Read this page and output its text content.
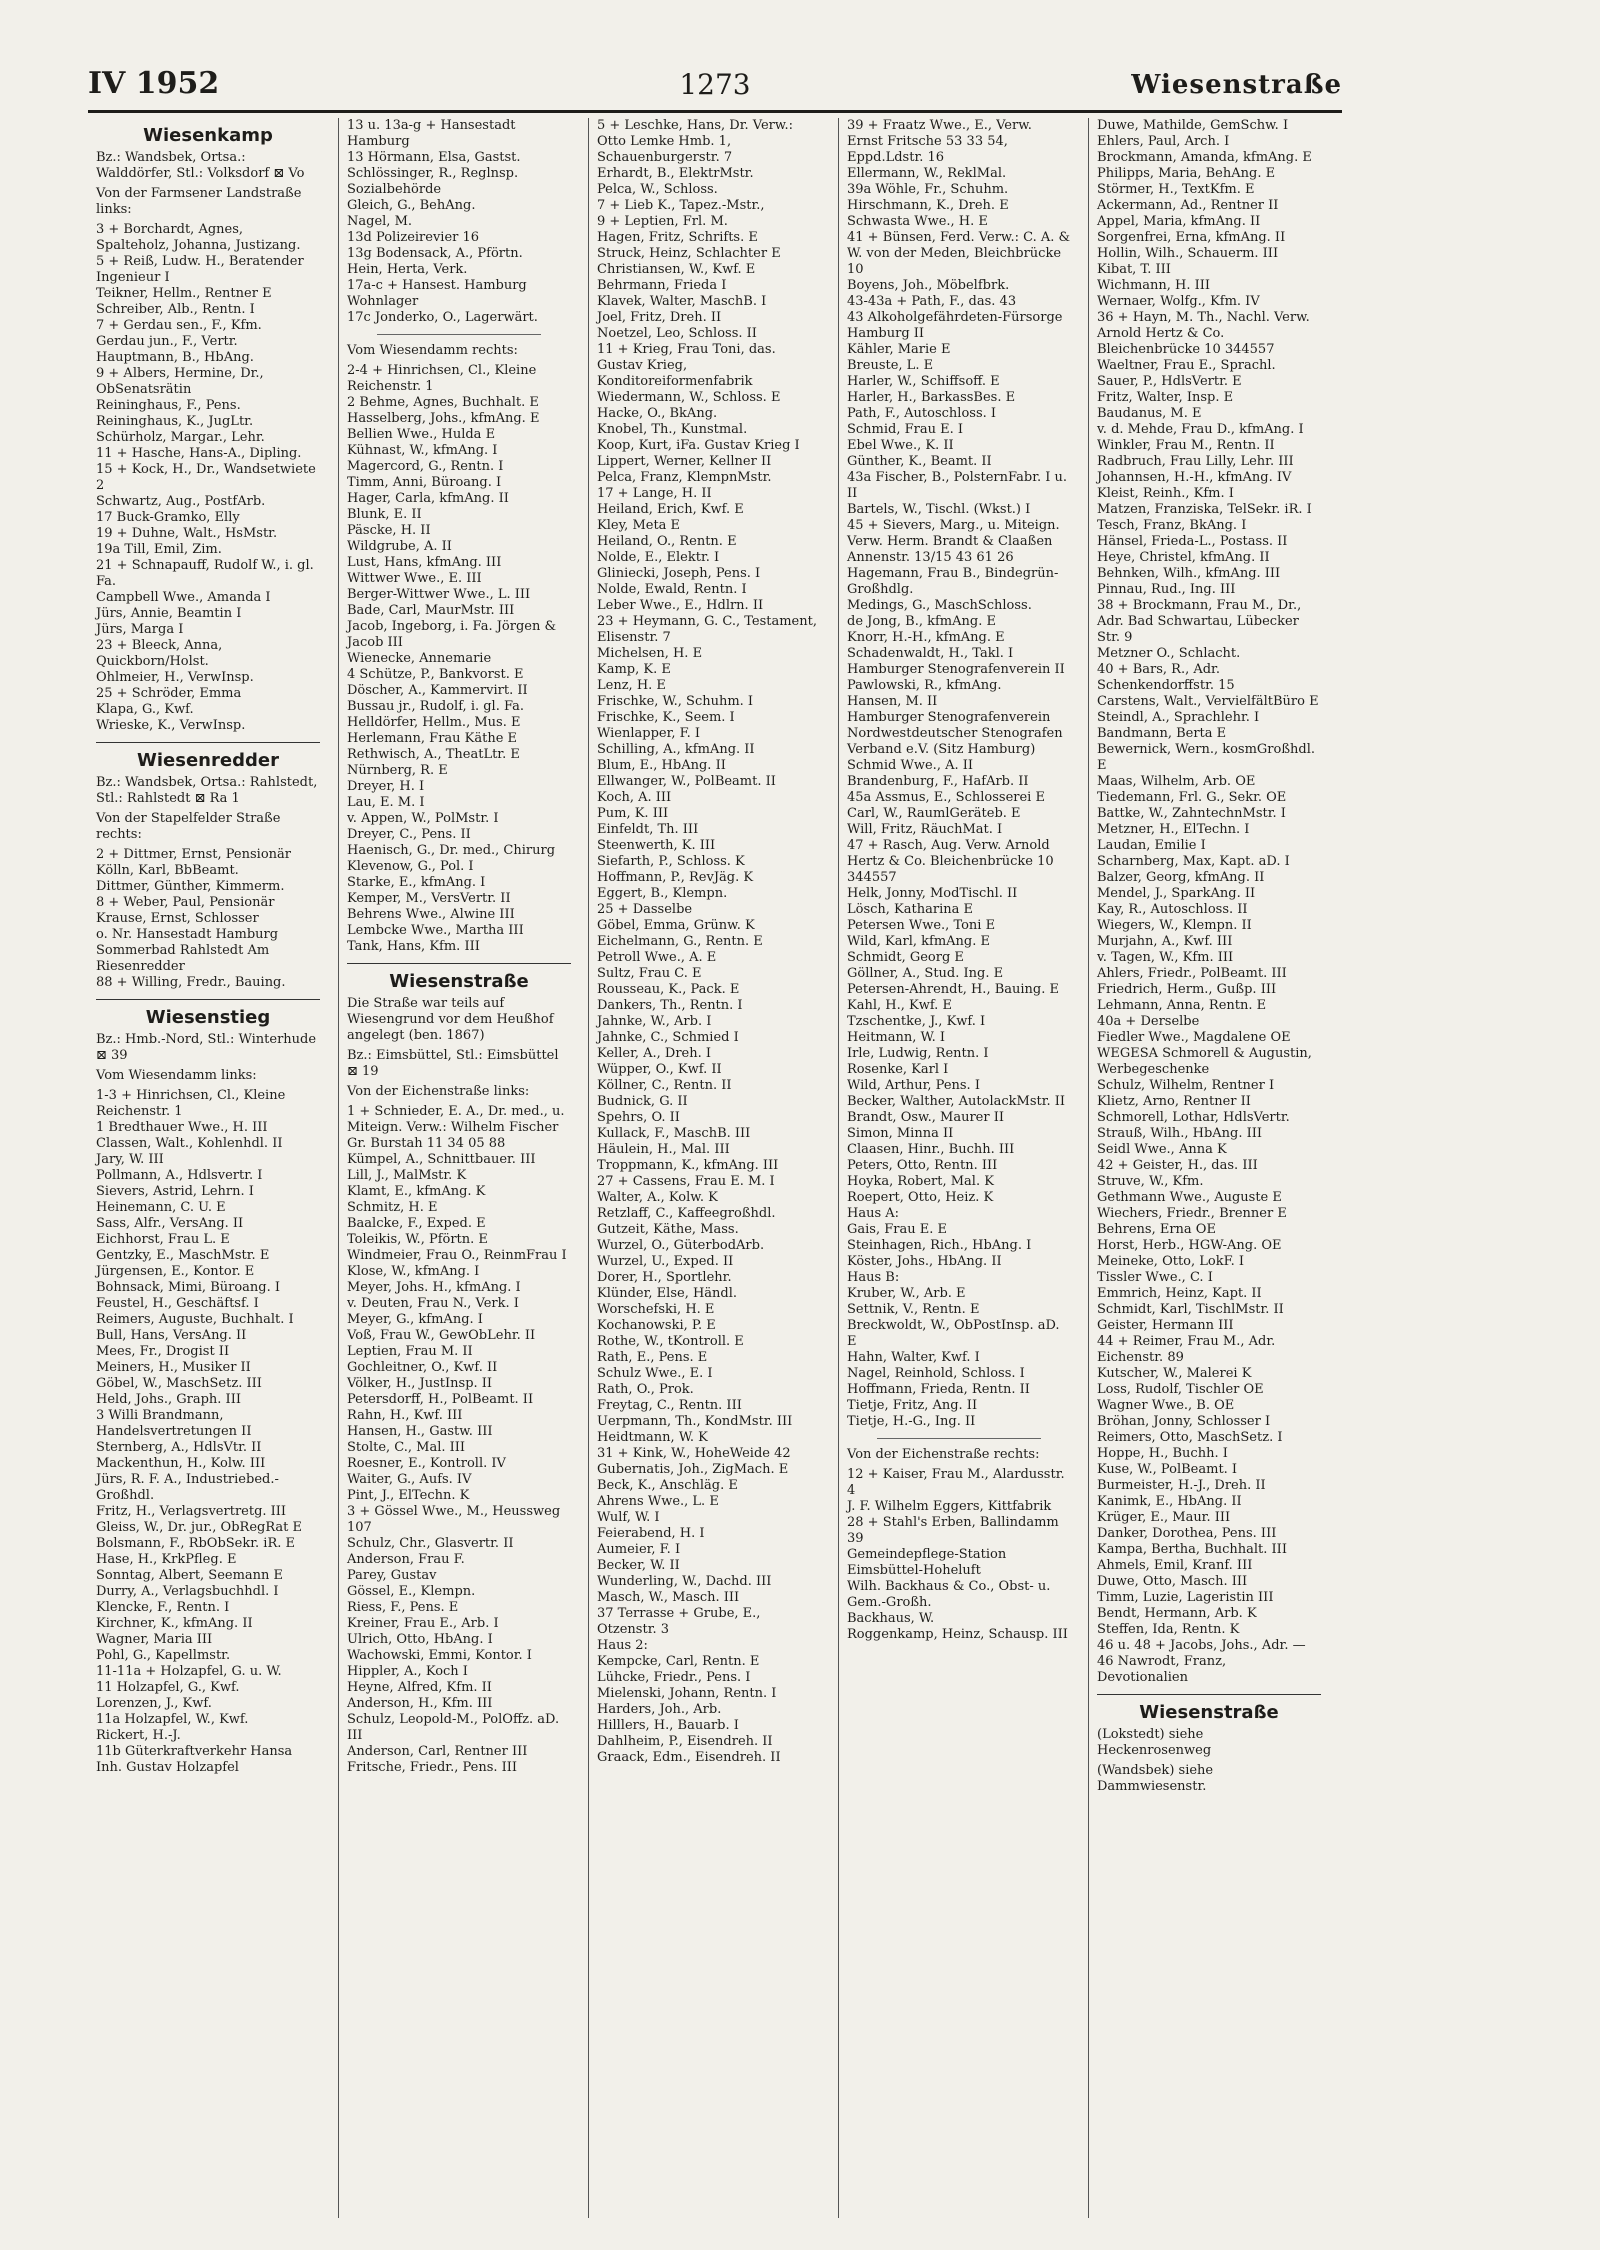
IV 1952	1273	Wiesenstraße
Wiesenkamp
Bz.: Wandsbek, Ortsa.: Walddörfer, Stl.: Volksdorf ⊠ Vo
Von der Farmsener Landstraße links:
3 + Borchardt, Agnes, Spalteholz, Johanna, Justizang.
5 + Reiß, Ludw. H., Beratender Ingenieur I
Teikner, Hellm., Rentner E
Schreiber, Alb., Rentn. I
7 + Gerdau sen., F., Kfm.
Gerdau jun., F., Vertr.
Hauptmann, B., HbAng.
9 + Albers, Hermine, Dr., ObSenatsrätin
Reininghaus, F., Pens.
Reininghaus, K., JugLtr.
Schürholz, Margar., Lehr.
11 + Hasche, Hans-A., Dipling.
15 + Kock, H., Dr., Wandsetwiete 2
Schwartz, Aug., PostfArb.
17 Buck-Gramko, Elly
19 + Duhne, Walt., HsMstr.
19a Till, Emil, Zim.
21 + Schnapauff, Rudolf W., i. gl. Fa.
Campbell Wwe., Amanda I
Jürs, Annie, Beamtin I
Jürs, Marga I
23 + Bleeck, Anna, Quickborn/Holst.
Ohlmeier, H., VerwInsp.
25 + Schröder, Emma
Klapa, G., Kwf.
Wrieske, K., VerwInsp.
Wiesenredder
Bz.: Wandsbek, Ortsa.: Rahlstedt, Stl.: Rahlstedt ⊠ Ra 1
Von der Stapelfelder Straße rechts:
2 + Dittmer, Ernst, Pensionär
Kölln, Karl, BbBeamt.
Dittmer, Günther, Kimmerm.
8 + Weber, Paul, Pensionär
Krause, Ernst, Schlosser
o. Nr. Hansestadt Hamburg Sommerbad Rahlstedt Am Riesenredder
88 + Willing, Fredr., Bauing.
Wiesenstieg
Bz.: Hmb.-Nord, Stl.: Winterhude ⊠ 39
Vom Wiesendamm links:
1-3 + Hinrichsen, Cl., Kleine Reichenstr. 1
1 Bredthauer Wwe., H. III
Classen, Walt., Kohlenhdl. II
Jary, W. III
Pollmann, A., Hdlsvertr. I
Sievers, Astrid, Lehrn. I
Heinemann, C. U. E
Sass, Alfr., VersAng. II
Eichhorst, Frau L. E
Gentzky, E., MaschMstr. E
Jürgensen, E., Kontor. E
Bohnsack, Mimi, Büroang. I
Feustel, H., Geschäftsf. I
Reimers, Auguste, Buchhalt. I
Bull, Hans, VersAng. II
Mees, Fr., Drogist II
Meiners, H., Musiker II
Göbel, W., MaschSetz. III
Held, Johs., Graph. III
3 Willi Brandmann, Handelsvertretungen II
Sternberg, A., HdlsVtr. II
Mackenthun, H., Kolw. III
Jürs, R. F. A., Industriebed.-Großhdl.
Fritz, H., Verlagsvertretg. III
Gleiss, W., Dr. jur., ObRegRat E
Bolsmann, F., RbObSekr. iR. E
Hase, H., KrkPfleg. E
Sonntag, Albert, Seemann E
Durry, A., Verlagsbuchhdl. I
Klencke, F., Rentn. I
Kirchner, K., kfmAng. II
Wagner, Maria III
Pohl, G., Kapellmstr.
11-11a + Holzapfel, G. u. W.
11 Holzapfel, G., Kwf.
Lorenzen, J., Kwf.
11a Holzapfel, W., Kwf.
Rickert, H.-J.
11b Güterkraftverkehr Hansa Inh. Gustav Holzapfel
13 u. 13a-g + Hansestadt Hamburg
13 Hörmann, Elsa, Gastst.
Schlössinger, R., Reglnsp.
Sozialbehörde
Gleich, G., BehAng.
Nagel, M.
13d Polizeirevier 16
13g Bodensack, A., Pförtn.
Hein, Herta, Verk.
17a-c + Hansest. Hamburg Wohnlager
17c Jonderko, O., Lagerwärt.
Vom Wiesendamm rechts:
2-4 + Hinrichsen, Cl., Kleine Reichenstr. 1
2 Behme, Agnes, Buchhalt. E
Hasselberg, Johs., kfmAng. E
Bellien Wwe., Hulda E
Kühnast, W., kfmAng. I
Magercord, G., Rentn. I
Timm, Anni, Büroang. I
Hager, Carla, kfmAng. II
Blunk, E. II
Päscke, H. II
Wildgrube, A. II
Lust, Hans, kfmAng. III
Wittwer Wwe., E. III
Berger-Wittwer Wwe., L. III
Bade, Carl, MaurMstr. III
Jacob, Ingeborg, i. Fa. Jörgen & Jacob III
Wienecke, Annemarie
4 Schütze, P., Bankvorst. E
Döscher, A., Kammervirt. II
Bussau jr., Rudolf, i. gl. Fa.
Helldörfer, Hellm., Mus. E
Herlemann, Frau Käthe E
Rethwisch, A., TheatLtr. E
Nürnberg, R. E
Dreyer, H. I
Lau, E. M. I
v. Appen, W., PolMstr. I
Dreyer, C., Pens. II
Haenisch, G., Dr. med., Chirurg
Klevenow, G., Pol. I
Starke, E., kfmAng. I
Kemper, M., VersVertr. II
Behrens Wwe., Alwine III
Lembcke Wwe., Martha III
Tank, Hans, Kfm. III
Wiesenstraße
Die Straße war teils auf Wiesengrund vor dem Heußhof angelegt (ben. 1867)
Bz.: Eimsbüttel, Stl.: Eimsbüttel ⊠ 19
Von der Eichenstraße links:
1 + Schnieder, E. A., Dr. med., u. Miteign. Verw.: Wilhelm Fischer Gr. Burstah 11 34 05 88
Kümpel, A., Schnittbauer. III
Lill, J., MalMstr. K
Klamt, E., kfmAng. K
Schmitz, H. E
Baalcke, F., Exped. E
Toleikis, W., Pförtn. E
Windmeier, Frau O., ReinmFrau I
Klose, W., kfmAng. I
Meyer, Johs. H., kfmAng. I
v. Deuten, Frau N., Verk. I
Meyer, G., kfmAng. I
Voß, Frau W., GewObLehr. II
Leptien, Frau M. II
Gochleitner, O., Kwf. II
Völker, H., JustInsp. II
Petersdorff, H., PolBeamt. II
Rahn, H., Kwf. III
Hansen, H., Gastw. III
Stolte, C., Mal. III
Roesner, E., Kontroll. IV
Waiter, G., Aufs. IV
Pint, J., ElTechn. K
3 + Gössel Wwe., M., Heussweg 107
Schulz, Chr., Glasvertr. II
Anderson, Frau F.
Parey, Gustav
Gössel, E., Klempn.
Riess, F., Pens. E
Kreiner, Frau E., Arb. I
Ulrich, Otto, HbAng. I
Wachowski, Emmi, Kontor. I
Hippler, A., Koch I
Heyne, Alfred, Kfm. II
Anderson, H., Kfm. III
Schulz, Leopold-M., PolOffz. aD. III
Anderson, Carl, Rentner III
Fritsche, Friedr., Pens. III
5 + Leschke, Hans, Dr. Verw.: Otto Lemke Hmb. 1, Schauenburgerstr. 7
Erhardt, B., ElektrMstr.
Pelca, W., Schloss.
7 + Lieb K., Tapez.-Mstr.,
9 + Leptien, Frl. M.
Hagen, Fritz, Schrifts. E
Struck, Heinz, Schlachter E
Christiansen, W., Kwf. E
Behrmann, Frieda I
Klavek, Walter, MaschB. I
Joel, Fritz, Dreh. II
Noetzel, Leo, Schloss. II
11 + Krieg, Frau Toni, das. Gustav Krieg, Konditoreiformenfabrik
Wiedermann, W., Schloss. E
Hacke, O., BkAng.
Knobel, Th., Kunstmal.
Koop, Kurt, iFa. Gustav Krieg I
Lippert, Werner, Kellner II
Pelca, Franz, KlempnMstr.
17 + Lange, H. II
Heiland, Erich, Kwf. E
Kley, Meta E
Heiland, O., Rentn. E
Nolde, E., Elektr. I
Gliniecki, Joseph, Pens. I
Nolde, Ewald, Rentn. I
Leber Wwe., E., Hdlrn. II
23 + Heymann, G. C., Testament, Elisenstr. 7
Michelsen, H. E
Kamp, K. E
Lenz, H. E
Frischke, W., Schuhm. I
Frischke, K., Seem. I
Wienlapper, F. I
Schilling, A., kfmAng. II
Blum, E., HbAng. II
Ellwanger, W., PolBeamt. II
Koch, A. III
Pum, K. III
Einfeldt, Th. III
Steenwerth, K. III
Siefarth, P., Schloss. K
Hoffmann, P., RevJäg. K
Eggert, B., Klempn.
25 + Dasselbe
Göbel, Emma, Grünw. K
Eichelmann, G., Rentn. E
Petroll Wwe., A. E
Sultz, Frau C. E
Rousseau, K., Pack. E
Dankers, Th., Rentn. I
Jahnke, W., Arb. I
Jahnke, C., Schmied I
Keller, A., Dreh. I
Wüpper, O., Kwf. II
Köllner, C., Rentn. II
Budnick, G. II
Spehrs, O. II
Kullack, F., MaschB. III
Häulein, H., Mal. III
Troppmann, K., kfmAng. III
27 + Cassens, Frau E. M. I
Walter, A., Kolw. K
Retzlaff, C., Kaffeegroßhdl.
Gutzeit, Käthe, Mass.
Wurzel, O., GüterbodArb.
Wurzel, U., Exped. II
Dorer, H., Sportlehr.
Klünder, Else, Händl.
Worschefski, H. E
Kochanowski, P. E
Rothe, W., tKontroll. E
Rath, E., Pens. E
Schulz Wwe., E. I
Rath, O., Prok.
Freytag, C., Rentn. III
Uerpmann, Th., KondMstr. III
Heidtmann, W. K
31 + Kink, W., HoheWeide 42
Gubernatis, Joh., ZigMach. E
Beck, K., Anschläg. E
Ahrens Wwe., L. E
Wulf, W. I
Feierabend, H. I
Aumeier, F. I
Becker, W. II
Wunderling, W., Dachd. III
Masch, W., Masch. III
37 Terrasse + Grube, E., Otzenstr. 3
Haus 2:
Kempcke, Carl, Rentn. E
Lühcke, Friedr., Pens. I
Mielenski, Johann, Rentn. I
Harders, Joh., Arb.
Hilllers, H., Bauarb. I
Dahlheim, P., Eisendreh. II
Graack, Edm., Eisendreh. II
39 + Fraatz Wwe., E., Verw. Ernst Fritsche 53 33 54, Eppd.Ldstr. 16
Ellermann, W., ReklMal.
39a Wöhle, Fr., Schuhm.
Hirschmann, K., Dreh. E
Schwasta Wwe., H. E
41 + Bünsen, Ferd. Verw.: C. A. & W. von der Meden, Bleichbrücke 10
Boyens, Joh., Möbelfbrk.
43-43a + Path, F., das. 43
43 Alkoholgefährdeten-Fürsorge Hamburg II
Kähler, Marie E
Breuste, L. E
Harler, W., Schiffsoff. E
Harler, H., BarkassBes. E
Path, F., Autoschloss. I
Schmid, Frau E. I
Ebel Wwe., K. II
Günther, K., Beamt. II
43a Fischer, B., PolsternFabr. I u. II
Bartels, W., Tischl. (Wkst.) I
45 + Sievers, Marg., u. Miteign.
Verw. Herm. Brandt & Claaßen Annenstr. 13/15 43 61 26
Hagemann, Frau B., Bindegrün-Großhdlg.
Medings, G., MaschSchloss.
de Jong, B., kfmAng. E
Knorr, H.-H., kfmAng. E
Schadenwaldt, H., Takl. I
Hamburger Stenografenverein II
Pawlowski, R., kfmAng.
Hansen, M. II
Hamburger Stenografenverein Nordwestdeutscher Stenografen Verband e.V. (Sitz Hamburg)
Schmid Wwe., A. II
Brandenburg, F., HafArb. II
45a Assmus, E., Schlosserei E
Carl, W., RaumlGeräteb. E
Will, Fritz, RäuchMat. I
47 + Rasch, Aug. Verw. Arnold Hertz & Co. Bleichenbrücke 10 344557
Helk, Jonny, ModTischl. II
Lösch, Katharina E
Petersen Wwe., Toni E
Wild, Karl, kfmAng. E
Schmidt, Georg E
Göllner, A., Stud. Ing. E
Petersen-Ahrendt, H., Bauing. E
Kahl, H., Kwf. E
Tzschentke, J., Kwf. I
Heitmann, W. I
Irle, Ludwig, Rentn. I
Rosenke, Karl I
Wild, Arthur, Pens. I
Becker, Walther, AutolackMstr. II
Brandt, Osw., Maurer II
Simon, Minna II
Claasen, Hinr., Buchh. III
Peters, Otto, Rentn. III
Hoyka, Robert, Mal. K
Roepert, Otto, Heiz. K
Haus A:
Gais, Frau E. E
Steinhagen, Rich., HbAng. I
Köster, Johs., HbAng. II
Haus B:
Kruber, W., Arb. E
Settnik, V., Rentn. E
Breckwoldt, W., ObPostInsp. aD. E
Hahn, Walter, Kwf. I
Nagel, Reinhold, Schloss. I
Hoffmann, Frieda, Rentn. II
Tietje, Fritz, Ang. II
Tietje, H.-G., Ing. II
Von der Eichenstraße rechts:
12 + Kaiser, Frau M., Alardusstr. 4
J. F. Wilhelm Eggers, Kittfabrik
28 + Stahl's Erben, Ballindamm 39
Gemeindepflege-Station Eimsbüttel-Hoheluft
Wilh. Backhaus & Co., Obst- u. Gem.-Großh.
Backhaus, W.
Roggenkamp, Heinz, Schausp. III
Duwe, Mathilde, GemSchw. I
Ehlers, Paul, Arch. I
Brockmann, Amanda, kfmAng. E
Philipps, Maria, BehAng. E
Störmer, H., TextKfm. E
Ackermann, Ad., Rentner II
Appel, Maria, kfmAng. II
Sorgenfrei, Erna, kfmAng. II
Hollin, Wilh., Schauerm. III
Kibat, T. III
Wichmann, H. III
Wernaer, Wolfg., Kfm. IV
36 + Hayn, M. Th., Nachl. Verw. Arnold Hertz & Co. Bleichenbrücke 10 344557
Waeltner, Frau E., Sprachl.
Sauer, P., HdlsVertr. E
Fritz, Walter, Insp. E
Baudanus, M. E
v. d. Mehde, Frau D., kfmAng. I
Winkler, Frau M., Rentn. II
Radbruch, Frau Lilly, Lehr. III
Johannsen, H.-H., kfmAng. IV
Kleist, Reinh., Kfm. I
Matzen, Franziska, TelSekr. iR. I
Tesch, Franz, BkAng. I
Hänsel, Frieda-L., Postass. II
Heye, Christel, kfmAng. II
Behnken, Wilh., kfmAng. III
Pinnau, Rud., Ing. III
38 + Brockmann, Frau M., Dr., Adr. Bad Schwartau, Lübecker Str. 9
Metzner O., Schlacht.
40 + Bars, R., Adr. Schenkendorffstr. 15
Carstens, Walt., VervielfältBüro E
Steindl, A., Sprachlehr. I
Bandmann, Berta E
Bewernick, Wern., kosmGroßhdl. E
Maas, Wilhelm, Arb. OE
Tiedemann, Frl. G., Sekr. OE
Battke, W., ZahntechnMstr. I
Metzner, H., ElTechn. I
Laudan, Emilie I
Scharnberg, Max, Kapt. aD. I
Balzer, Georg, kfmAng. II
Mendel, J., SparkAng. II
Kay, R., Autoschloss. II
Wiegers, W., Klempn. II
Murjahn, A., Kwf. III
v. Tagen, W., Kfm. III
Ahlers, Friedr., PolBeamt. III
Friedrich, Herm., Gußp. III
Lehmann, Anna, Rentn. E
40a + Derselbe
Fiedler Wwe., Magdalene OE
WEGESA Schmorell & Augustin, Werbegeschenke
Schulz, Wilhelm, Rentner I
Klietz, Arno, Rentner II
Schmorell, Lothar, HdlsVertr.
Strauß, Wilh., HbAng. III
Seidl Wwe., Anna K
42 + Geister, H., das. III
Struve, W., Kfm.
Gethmann Wwe., Auguste E
Wiechers, Friedr., Brenner E
Behrens, Erna OE
Horst, Herb., HGW-Ang. OE
Meineke, Otto, LokF. I
Tissler Wwe., C. I
Emmrich, Heinz, Kapt. II
Schmidt, Karl, TischlMstr. II
Geister, Hermann III
44 + Reimer, Frau M., Adr. Eichenstr. 89
Kutscher, W., Malerei K
Loss, Rudolf, Tischler OE
Wagner Wwe., B. OE
Bröhan, Jonny, Schlosser I
Reimers, Otto, MaschSetz. I
Hoppe, H., Buchh. I
Kuse, W., PolBeamt. I
Burmeister, H.-J., Dreh. II
Kanimk, E., HbAng. II
Krüger, E., Maur. III
Danker, Dorothea, Pens. III
Kampa, Bertha, Buchhalt. III
Ahmels, Emil, Kranf. III
Duwe, Otto, Masch. III
Timm, Luzie, Lageristin III
Bendt, Hermann, Arb. K
Steffen, Ida, Rentn. K
46 u. 48 + Jacobs, Johs., Adr. —
46 Nawrodt, Franz, Devotionalien
Wiesenstraße
(Lokstedt) siehe Heckenrosenweg
(Wandsbek) siehe Dammwiesenstr.
